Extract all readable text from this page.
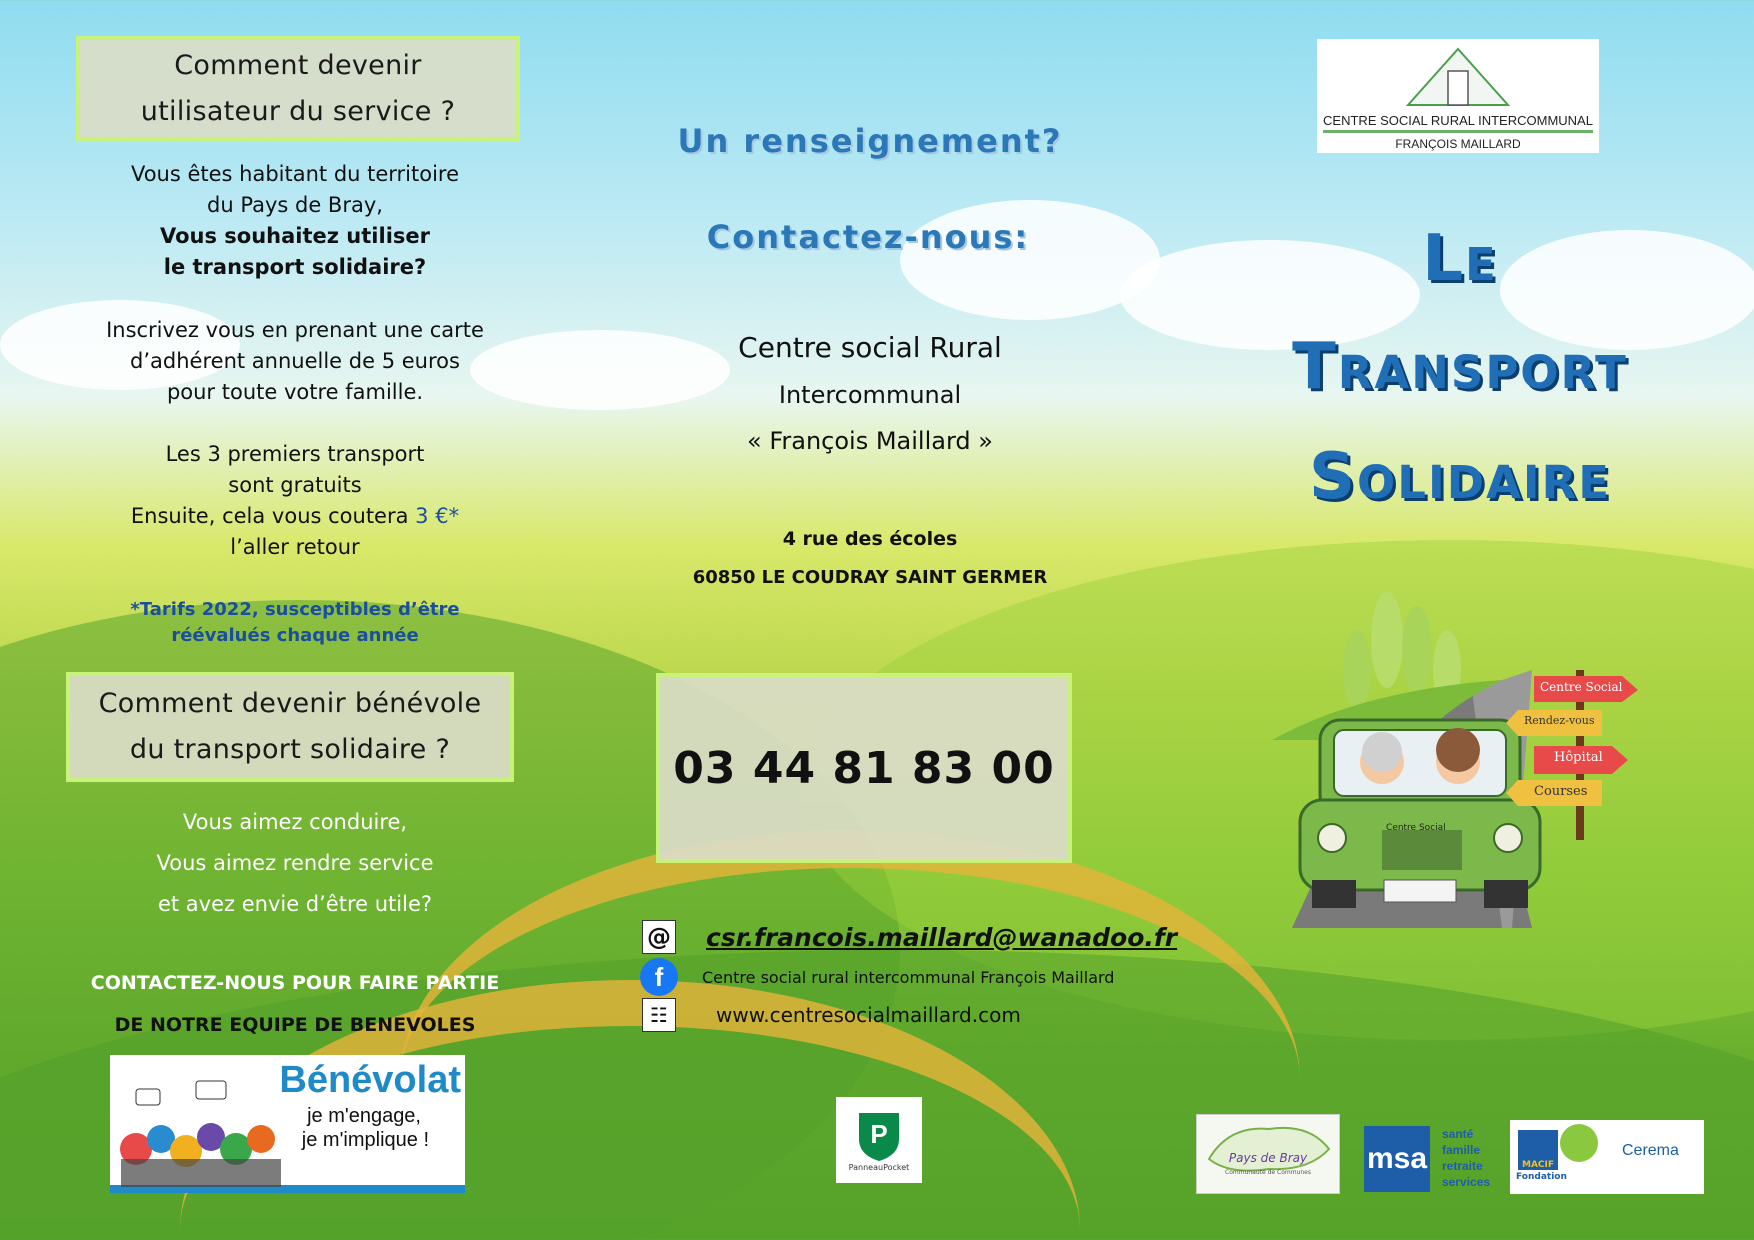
Comment devenir
utilisateur du service ?
Vous êtes habitant du territoire
du Pays de Bray,
Vous souhaitez utiliser
le transport solidaire?
Inscrivez vous en prenant une carte
d’adhérent annuelle de 5 euros
pour toute votre famille.
Les 3 premiers transport
sont gratuits
Ensuite, cela vous coutera 3 €*
l’aller retour
*Tarifs 2022, susceptibles d’être
réévalués chaque année
Comment devenir bénévole
du transport solidaire ?
Vous aimez conduire,
Vous aimez rendre service
et avez envie d’être utile?
CONTACTEZ-NOUS POUR FAIRE PARTIE
DE NOTRE EQUIPE DE BENEVOLES
Bénévolat
je m'engage,
je m'implique !
Un renseignement?
Contactez-nous:
Centre social Rural
Intercommunal
« François Maillard »
4 rue des écoles
60850 LE COUDRAY SAINT GERMER
03 44 81 83 00
@ csr.francois.maillard@wanadoo.fr
f	Centre social rural intercommunal François Maillard
☷	www.centresocialmaillard.com
P
PanneauPocket
CENTRE SOCIAL RURAL INTERCOMMUNAL
FRANÇOIS MAILLARD
Le
Transport
Solidaire
Centre Social
Rendez-vous
Hôpital
Courses
Centre Social
Pays de Bray
Communauté de Communes	msa
santé
famille
retraite
services
MACIF
Fondation
Cerema
